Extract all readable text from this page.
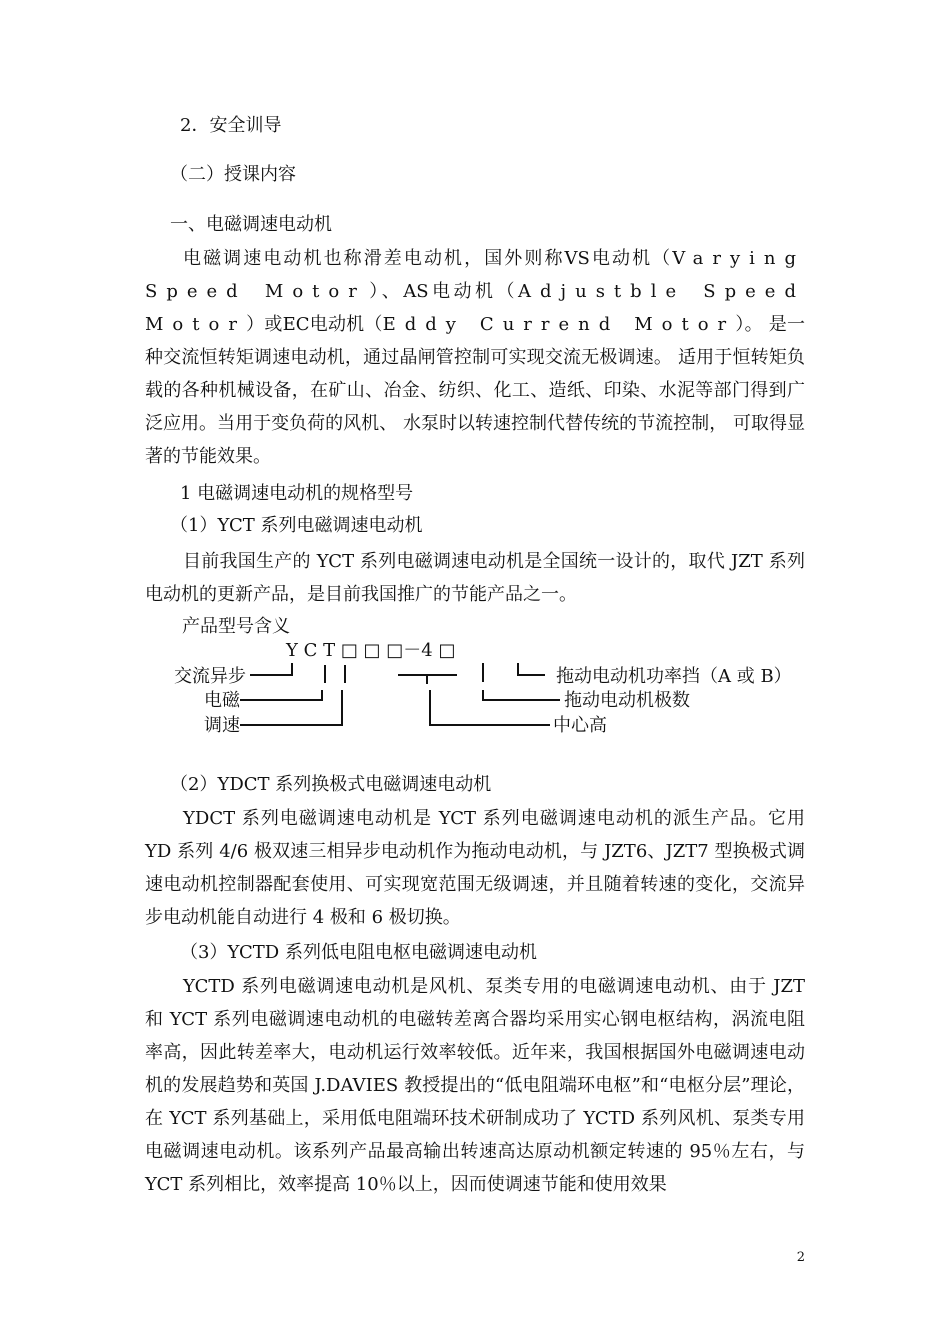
2．安全训导
（二）授课内容
一、电磁调速电动机
电磁调速电动机也称滑差电动机，国外则称VS电动机（Varying Speed Motor）、AS电动机（Adjustble Speed Motor）或EC电动机（Eddy Currend Motor）。 是一种交流恒转矩调速电动机，通过晶闸管控制可实现交流无极调速。 适用于恒转矩负载的各种机械设备，在矿山、冶金、纺织、化工、造纸、印染、水泥等部门得到广泛应用。当用于变负荷的风机、 水泵时以转速控制代替传统的节流控制， 可取得显著的节能效果。
1 电磁调速电动机的规格型号
（1）YCT 系列电磁调速电动机
目前我国生产的 YCT 系列电磁调速电动机是全国统一设计的，取代 JZT 系列电动机的更新产品，是目前我国推广的节能产品之一。
产品型号含义
Y C T □ □ □－4 □
交流异步
电磁
调速
拖动电动机功率挡（A 或 B）
拖动电动机极数
中心高
（2）YDCT 系列换极式电磁调速电动机
YDCT 系列电磁调速电动机是 YCT 系列电磁调速电动机的派生产品。它用 YD 系列 4/6 极双速三相异步电动机作为拖动电动机，与 JZT6、JZT7 型换极式调速电动机控制器配套使用、可实现宽范围无级调速，并且随着转速的变化，交流异步电动机能自动进行 4 极和 6 极切换。
（3）YCTD 系列低电阻电枢电磁调速电动机
YCTD 系列电磁调速电动机是风机、泵类专用的电磁调速电动机、由于 JZT 和 YCT 系列电磁调速电动机的电磁转差离合器均采用实心钢电枢结构，涡流电阻率高，因此转差率大，电动机运行效率较低。近年来，我国根据国外电磁调速电动机的发展趋势和英国 J.DAVIES 教授提出的“低电阻端环电枢”和“电枢分层”理论，在 YCT 系列基础上，采用低电阻端环技术研制成功了 YCTD 系列风机、泵类专用电磁调速电动机。该系列产品最高输出转速高达原动机额定转速的 95％左右，与 YCT 系列相比，效率提高 10％以上，因而使调速节能和使用效果
2
